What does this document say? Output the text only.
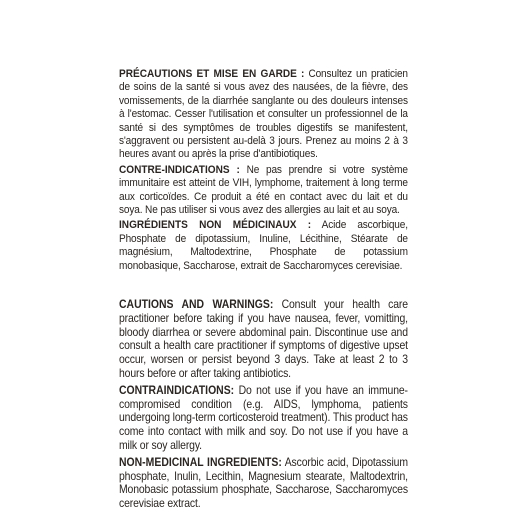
PRÉCAUTIONS ET MISE EN GARDE : Consultez un praticien de soins de la santé si vous avez des nausées, de la fièvre, des vomissements, de la diarrhée sanglante ou des douleurs intenses à l'estomac. Cesser l'utilisation et consulter un professionnel de la santé si des symptômes de troubles digestifs se manifestent, s'aggravent ou persistent au-delà 3 jours. Prenez au moins 2 à 3 heures avant ou après la prise d'antibiotiques.

CONTRE-INDICATIONS : Ne pas prendre si votre système immunitaire est atteint de VIH, lymphome, traitement à long terme aux corticoïdes. Ce produit a été en contact avec du lait et du soya. Ne pas utiliser si vous avez des allergies au lait et au soya.

INGRÉDIENTS NON MÉDICINAUX : Acide ascorbique, Phosphate de dipotassium, Inuline, Lécithine, Stéarate de magnésium, Maltodextrine, Phosphate de potassium monobasique, Saccharose, extrait de Saccharomyces cerevisiae.

CAUTIONS AND WARNINGS: Consult your health care practitioner before taking if you have nausea, fever, vomitting, bloody diarrhea or severe abdominal pain. Discontinue use and consult a health care practitioner if symptoms of digestive upset occur, worsen or persist beyond 3 days. Take at least 2 to 3 hours before or after taking antibiotics.

CONTRAINDICATIONS: Do not use if you have an immune-compromised condition (e.g. AIDS, lymphoma, patients undergoing long-term corticosteroid treatment). This product has come into contact with milk and soy. Do not use if you have a milk or soy allergy.

NON-MEDICINAL INGREDIENTS: Ascorbic acid, Dipotassium phosphate, Inulin, Lecithin, Magnesium stearate, Maltodextrin, Monobasic potassium phosphate, Saccharose, Saccharomyces cerevisiae extract.
